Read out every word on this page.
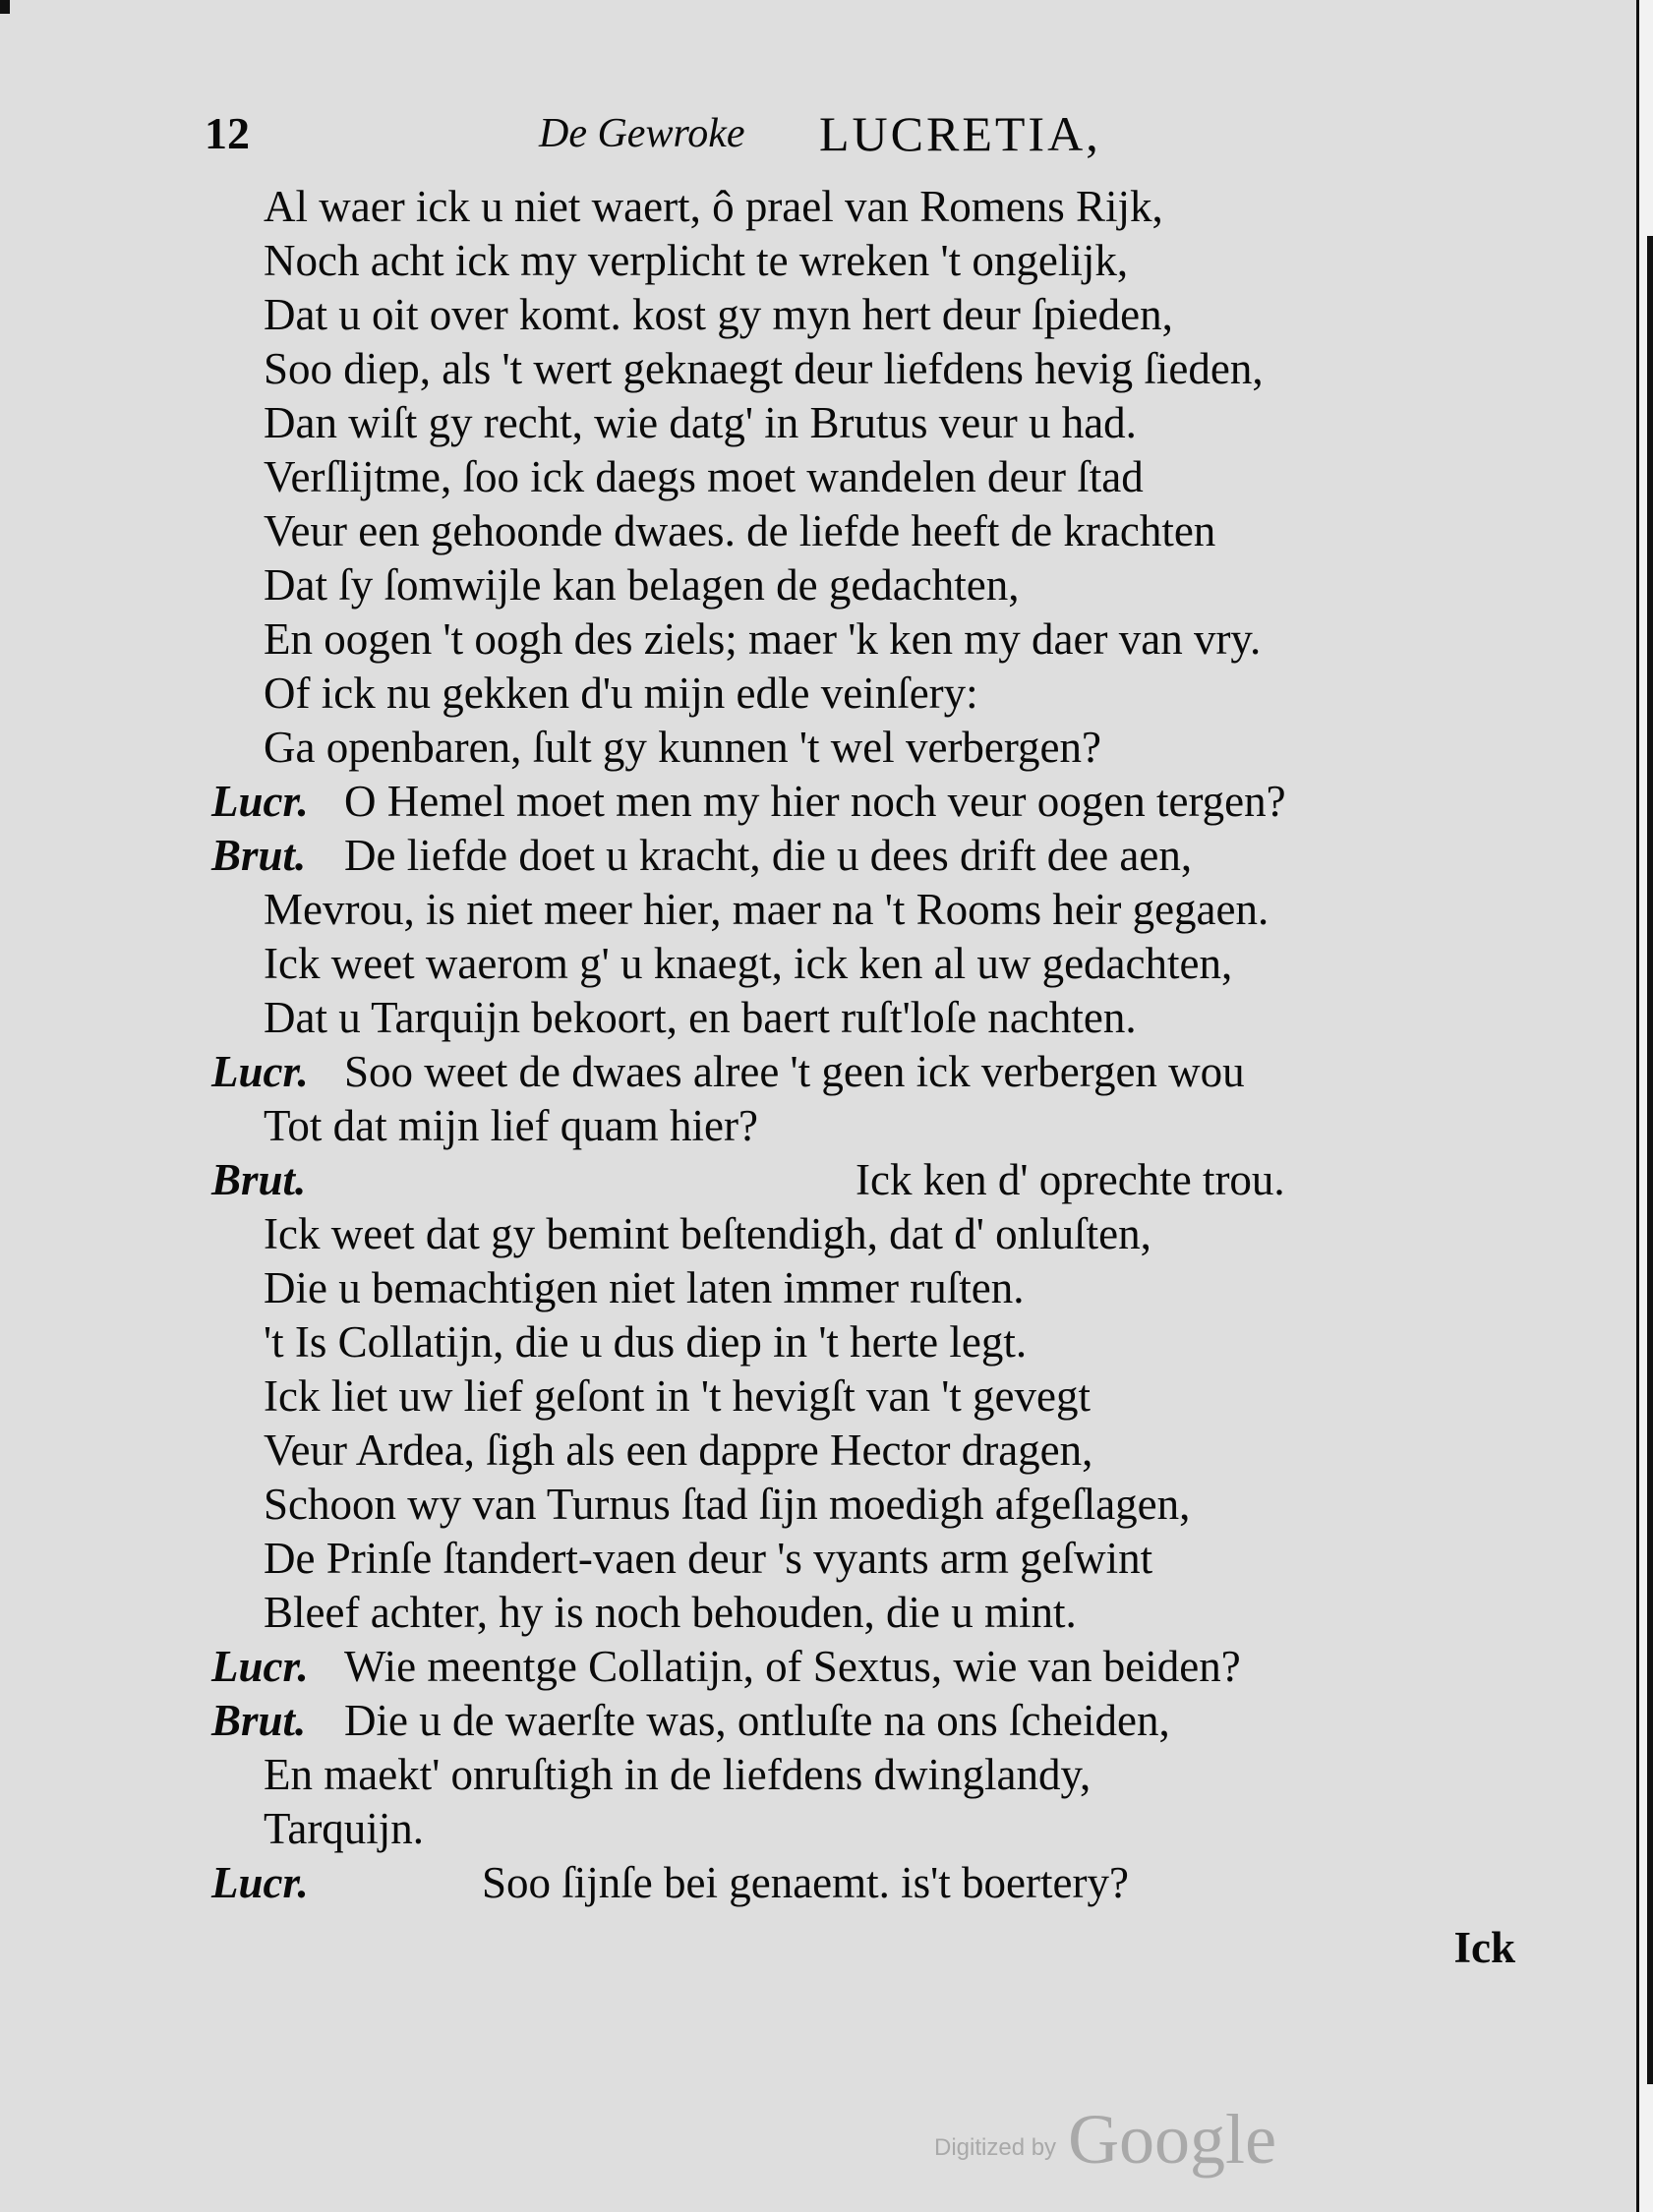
12	De Gewroke LUCRETIA,
Al waer ick u niet waert, ô prael van Romens Rijk,
Noch acht ick my verplicht te wreken 't ongelijk,
Dat u oit over komt. kost gy myn hert deur ſpieden,
Soo diep, als 't wert geknaegt deur liefdens hevig ſieden,
Dan wiſt gy recht, wie datg' in Brutus veur u had.
Verſlijtme, ſoo ick daegs moet wandelen deur ſtad
Veur een gehoonde dwaes. de liefde heeft de krachten
Dat ſy ſomwijle kan belagen de gedachten,
En oogen 't oogh des ziels; maer 'k ken my daer van vry.
Of ick nu gekken d'u mijn edle veinſery:
Ga openbaren, ſult gy kunnen 't wel verbergen?
Lucr. O Hemel moet men my hier noch veur oogen tergen?
Brut. De liefde doet u kracht, die u dees drift dee aen,
Mevrou, is niet meer hier, maer na 't Rooms heir gegaen.
Ick weet waerom g' u knaegt, ick ken al uw gedachten,
Dat u Tarquijn bekoort, en baert ruſt'loſe nachten.
Lucr. Soo weet de dwaes alree 't geen ick verbergen wou
Tot dat mijn lief quam hier?
Brut.	Ick ken d' oprechte trou.
Ick weet dat gy bemint beſtendigh, dat d' onluſten,
Die u bemachtigen niet laten immer ruſten.
't Is Collatijn, die u dus diep in 't herte legt.
Ick liet uw lief geſont in 't hevigſt van 't gevegt
Veur Ardea, ſigh als een dappre Hector dragen,
Schoon wy van Turnus ſtad ſijn moedigh afgeſlagen,
De Prinſe ſtandert-vaen deur 's vyants arm geſwint
Bleef achter, hy is noch behouden, die u mint.
Lucr. Wie meentge Collatijn, of Sextus, wie van beiden?
Brut. Die u de waerſte was, ontluſte na ons ſcheiden,
En maekt' onruſtigh in de liefdens dwinglandy,
Tarquijn.
Lucr.	Soo ſijnſe bei genaemt. is't boertery?
Ick
Digitized by Google
